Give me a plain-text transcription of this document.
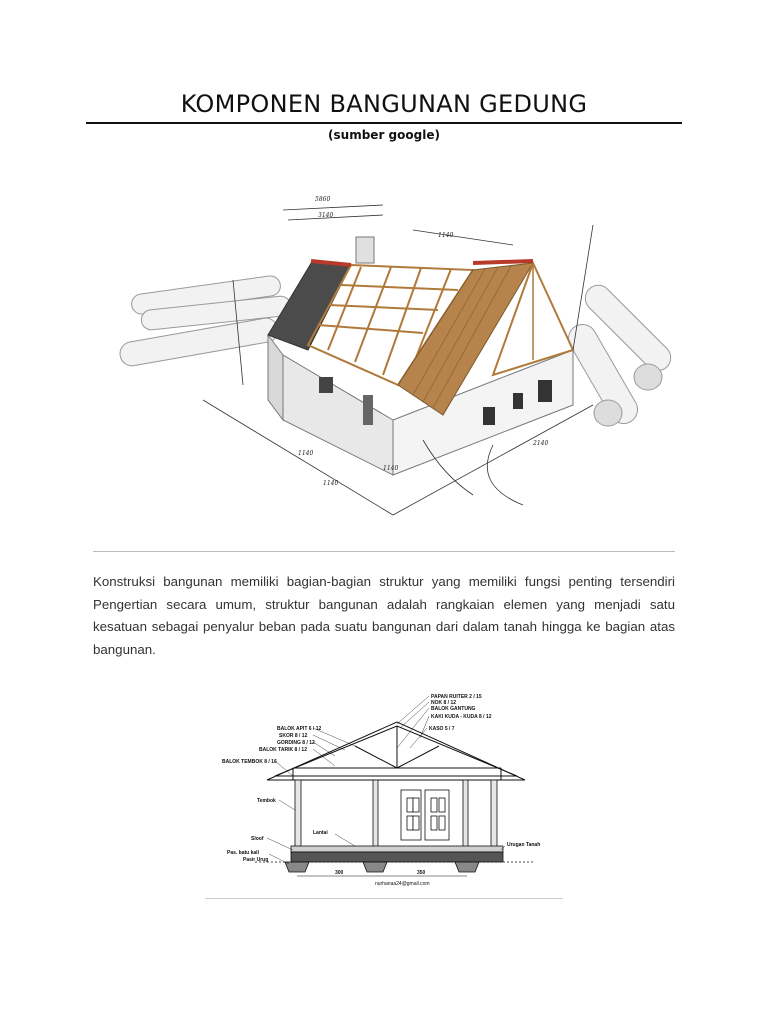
KOMPONEN BANGUNAN GEDUNG
(sumber google)
5860
3140
1140
2140
1140
1140
1140

Konstruksi bangunan memiliki bagian-bagian struktur yang memiliki fungsi penting tersendiri Pengertian secara umum, struktur bangunan adalah rangkaian elemen yang menjadi satu kesatuan sebagai penyalur beban pada suatu bangunan dari dalam tanah hingga ke bagian atas bangunan.

300	350
nurhanaa24@gmail.com
PAPAN RUITER 2 / 15
NOK 8 / 12
BALOK GANTUNG
KAKI KUDA - KUDA 8 / 12
KASO 5 / 7
BALOK APIT 6 / 12
SKOR 8 / 12
GORDING 8 / 12
BALOK TARIK 8 / 12
BALOK TEMBOK 8 / 16
Tembok
Lantai
Sloof
Pas. batu kali
Pasir Urug
Urugan Tanah
